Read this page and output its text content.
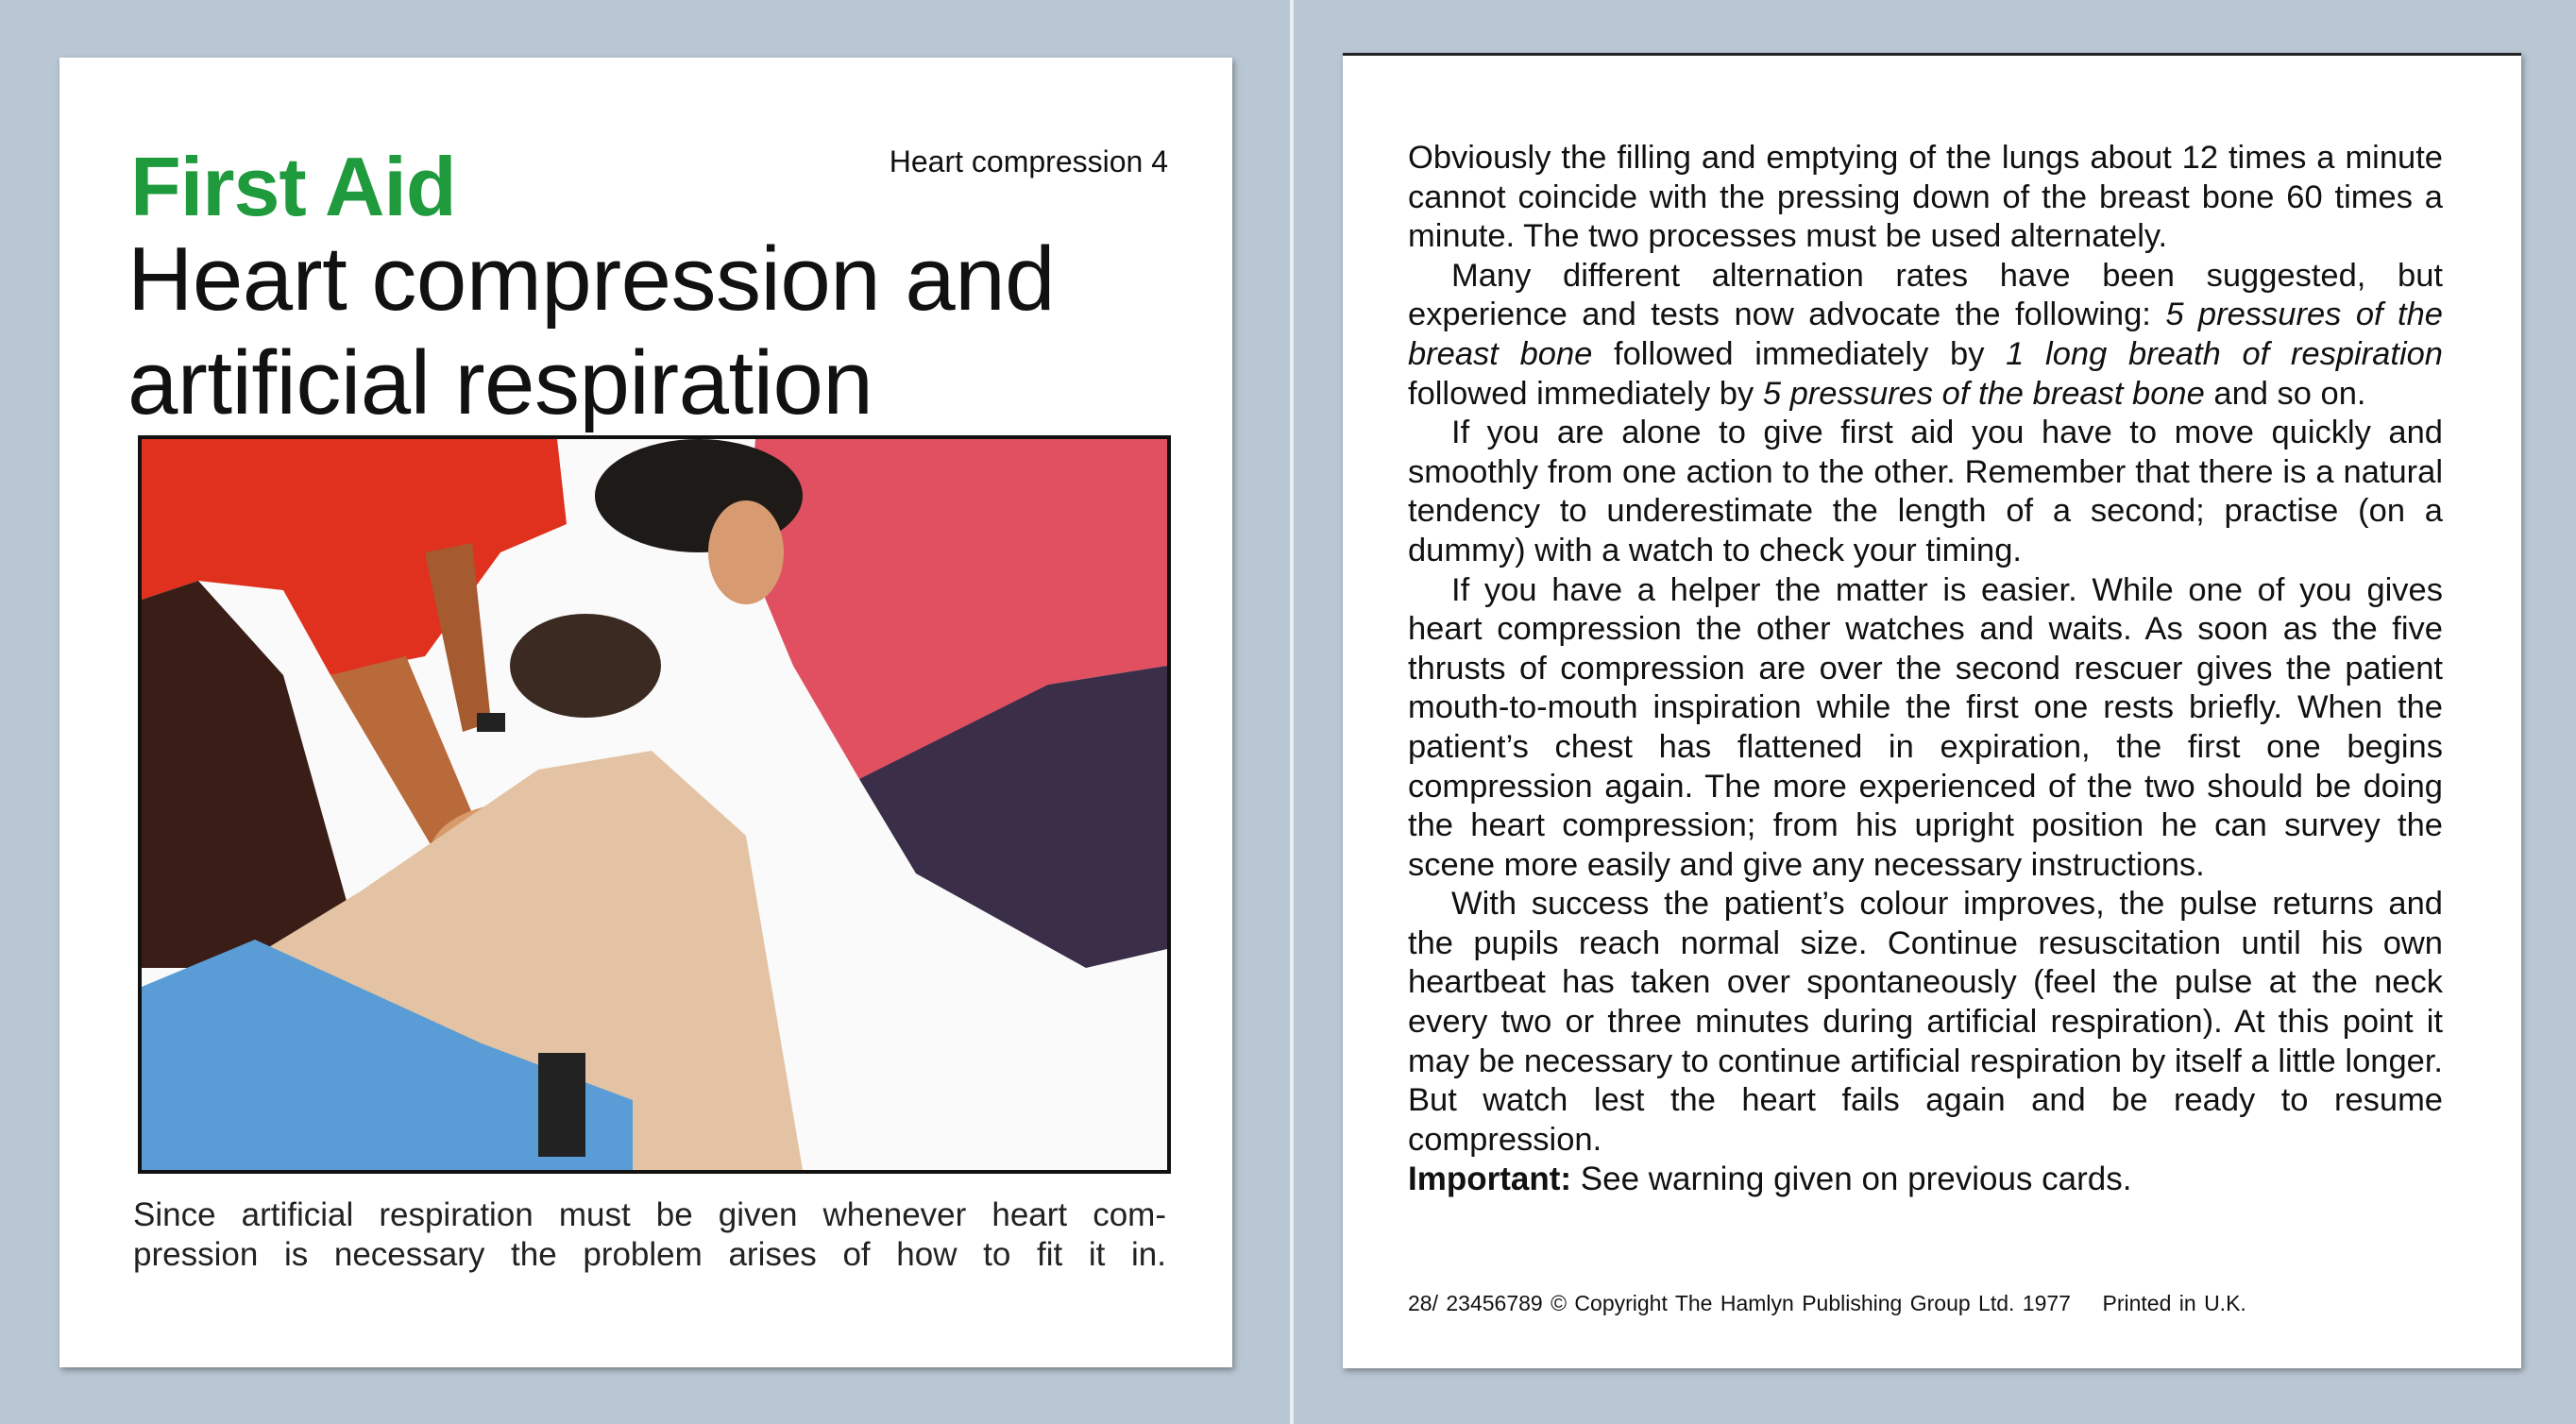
First Aid	Heart compression 4
Heart compression and
artificial respiration
Since artificial respiration must be given whenever heart com-
pression is necessary the problem arises of how to fit it in.

Obviously the filling and emptying of the lungs about 12 times a minute cannot coincide with the pressing down of the breast bone 60 times a minute. The two processes must be used alternately.

Many different alternation rates have been suggested, but experience and tests now advocate the following: 5 pressures of the breast bone followed immediately by 1 long breath of respiration followed immediately by 5 pressures of the breast bone and so on.

If you are alone to give first aid you have to move quickly and smoothly from one action to the other. Remember that there is a natural tendency to underestimate the length of a second; practise (on a dummy) with a watch to check your timing.

If you have a helper the matter is easier. While one of you gives heart compression the other watches and waits. As soon as the five thrusts of compression are over the second rescuer gives the patient mouth-to-mouth inspiration while the first one rests briefly. When the patient’s chest has flattened in expiration, the first one begins compression again. The more experienced of the two should be doing the heart compression; from his upright position he can survey the scene more easily and give any necessary instructions.

With success the patient’s colour improves, the pulse returns and the pupils reach normal size. Continue resuscitation until his own heartbeat has taken over spontaneously (feel the pulse at the neck every two or three minutes during artificial respiration). At this point it may be necessary to continue artificial respiration by itself a little longer. But watch lest the heart fails again and be ready to resume compression.

Important: See warning given on previous cards.
28/ 23456789 © Copyright The Hamlyn Publishing Group Ltd. 1977    Printed in U.K.
